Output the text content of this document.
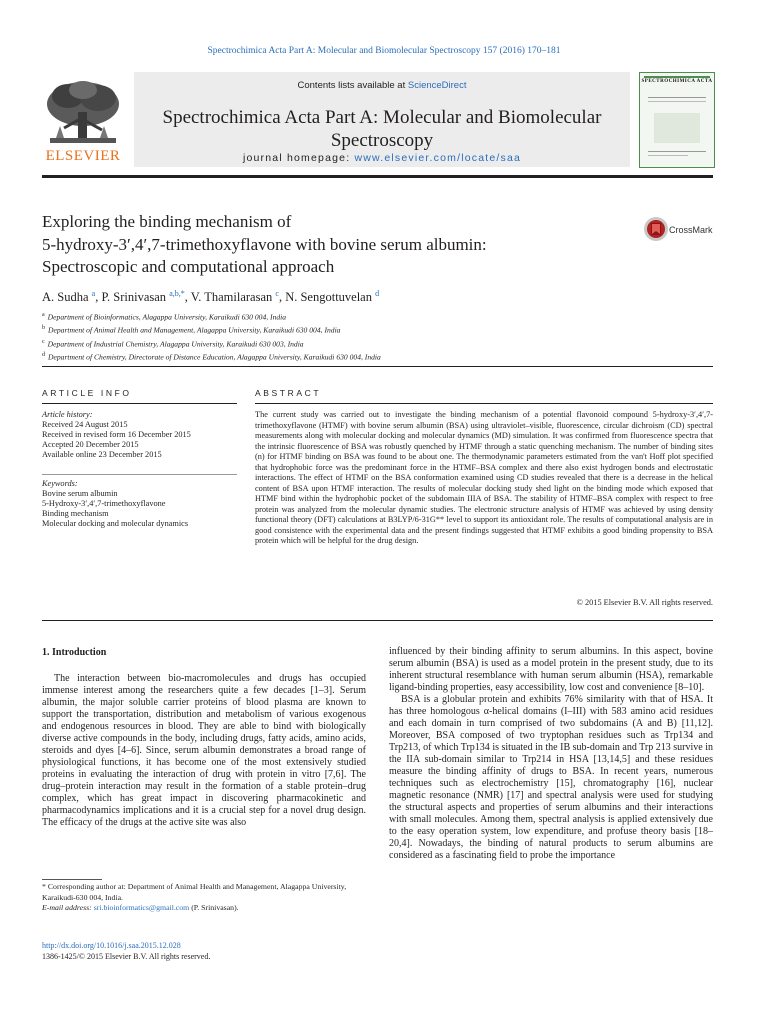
Spectrochimica Acta Part A: Molecular and Biomolecular Spectroscopy 157 (2016) 170–181
ELSEVIER
Contents lists available at ScienceDirect
Spectrochimica Acta Part A: Molecular and Biomolecular Spectroscopy
journal homepage: www.elsevier.com/locate/saa
SPECTROCHIMICA ACTA
Exploring the binding mechanism of
5-hydroxy-3′,4′,7-trimethoxyflavone with bovine serum albumin:
Spectroscopic and computational approach
CrossMark
A. Sudha $^a$, P. Srinivasan $^{a,b,*}$, V. Thamilarasan $^c$, N. Sengottuvelan $^d$
$^a$ Department of Bioinformatics, Alagappa University, Karaikudi 630 004, India
$^b$ Department of Animal Health and Management, Alagappa University, Karaikudi 630 004, India
$^c$ Department of Industrial Chemistry, Alagappa University, Karaikudi 630 003, India
$^d$ Department of Chemistry, Directorate of Distance Education, Alagappa University, Karaikudi 630 004, India
ARTICLE INFO
Article history:
Received 24 August 2015
Received in revised form 16 December 2015
Accepted 20 December 2015
Available online 23 December 2015
Keywords:
Bovine serum albumin
5-Hydroxy-3′,4′,7-trimethoxyflavone
Binding mechanism
Molecular docking and molecular dynamics
ABSTRACT
The current study was carried out to investigate the binding mechanism of a potential flavonoid compound 5-hydroxy-3′,4′,7-trimethoxyflavone (HTMF) with bovine serum albumin (BSA) using ultraviolet–visible, fluorescence, circular dichroism (CD) spectral measurements along with molecular docking and molecular dynamics (MD) simulation. It was confirmed from fluorescence spectra that the intrinsic fluorescence of BSA was robustly quenched by HTMF through a static quenching mechanism. The number of binding sites (n) for HTMF binding on BSA was found to be about one. The thermodynamic parameters estimated from the van't Hoff plot specified that hydrophobic force was the predominant force in the HTMF–BSA complex and there also exist hydrogen bonds and electrostatic interactions. The effect of HTMF on the BSA conformation examined using CD studies revealed that there is a decrease in the helical content of BSA upon HTMF interaction. The results of molecular docking study shed light on the binding mode which exposed that HTMF bind within the hydrophobic pocket of the subdomain IIIA of BSA. The stability of HTMF–BSA complex with respect to free protein was analyzed from the molecular dynamic studies. The electronic structure analysis of HTMF was achieved by using density functional theory (DFT) calculations at B3LYP/6-31G** level to support its antioxidant role. The results of computational analysis are in good consistence with the experimental data and the present findings suggested that HTMF exhibits a good binding propensity to BSA protein which will be helpful for the drug design.
© 2015 Elsevier B.V. All rights reserved.
1. Introduction

The interaction between bio-macromolecules and drugs has occupied immense interest among the researchers quite a few decades [1–3]. Serum albumin, the major soluble carrier proteins of blood plasma are known to support the transportation, distribution and metabolism of various exogenous and endogenous resources in blood. They are able to bind with biologically diverse active compounds in the body, including drugs, fatty acids, amino acids, steroids and dyes [4–6]. Since, serum albumin demonstrates a broad range of physiological functions, it has become one of the most extensively studied proteins in evaluating the interaction of drug with protein in vitro [7,6]. The drug–protein interaction may result in the formation of a stable protein–drug complex, which has great impact in discovering pharmacokinetic and pharmacodynamics implications and it is a crucial step for a novel drug design. The efficacy of the drugs at the active site was also

influenced by their binding affinity to serum albumins. In this aspect, bovine serum albumin (BSA) is used as a model protein in the present study, due to its inherent structural resemblance with human serum albumin (HSA), remarkable ligand-binding properties, easy accessibility, low cost and convenience [8–10].

BSA is a globular protein and exhibits 76% similarity with that of HSA. It has three homologous α-helical domains (I–III) with 583 amino acid residues and each domain in turn comprised of two subdomains (A and B) [11,12]. Moreover, BSA composed of two tryptophan residues such as Trp134 and Trp213, of which Trp134 is situated in the IB sub-domain and Trp 213 survive in the IIA sub-domain similar to Trp214 in HSA [13,14,5] and these residues measure the binding affinity of drugs to BSA. In recent years, numerous techniques such as electrochemistry [15], chromatography [16], nuclear magnetic resonance (NMR) [17] and spectral analysis were used for studying the structural aspects and properties of serum albumins and their interactions with small molecules. Among them, spectral analysis is applied extensively due to the easy operation system, low expenditure, and profuse theory basis [18–20,4]. Nowadays, the binding of natural products to serum albumins are considered as a fascinating field to probe the importance

* Corresponding author at: Department of Animal Health and Management, Alagappa University, Karaikudi-630 004, India.
E-mail address: sri.bioinformatics@gmail.com (P. Srinivasan).
http://dx.doi.org/10.1016/j.saa.2015.12.028
1386-1425/© 2015 Elsevier B.V. All rights reserved.
